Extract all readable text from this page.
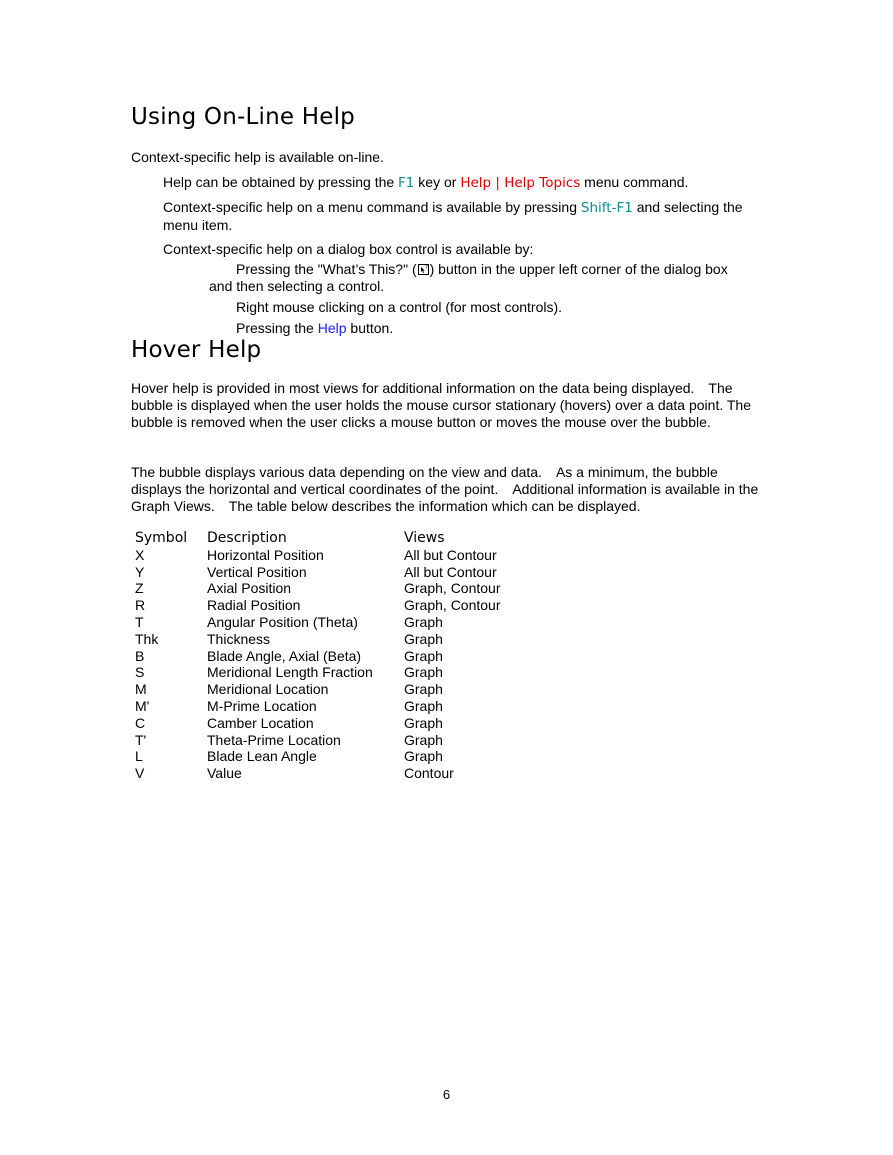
Using On-Line Help

Context-specific help is available on-line.

Help can be obtained by pressing the F1 key or Help | Help Topics menu command.

Context-specific help on a menu command is available by pressing Shift-F1 and selecting the menu item.

Context-specific help on a dialog box control is available by:

Pressing the "What’s This?" ( ? ) button in the upper left corner of the dialog box

and then selecting a control.

Right mouse clicking on a control (for most controls).

Pressing the Help button.

Hover Help

Hover help is provided in most views for additional information on the data being displayed. The bubble is displayed when the user holds the mouse cursor stationary (hovers) over a data point. The bubble is removed when the user clicks a mouse button or moves the mouse over the bubble.

The bubble displays various data depending on the view and data. As a minimum, the bubble displays the horizontal and vertical coordinates of the point. Additional information is available in the Graph Views. The table below describes the information which can be displayed.

Symbol	Description	Views
X	Horizontal Position	All but Contour
Y	Vertical Position	All but Contour
Z	Axial Position	Graph, Contour
R	Radial Position	Graph, Contour
T	Angular Position (Theta)	Graph
Thk	Thickness	Graph
B	Blade Angle, Axial (Beta)	Graph
S	Meridional Length Fraction	Graph
M	Meridional Location	Graph
M'	M-Prime Location	Graph
C	Camber Location	Graph
T'	Theta-Prime Location	Graph
L	Blade Lean Angle	Graph
V	Value	Contour
6
